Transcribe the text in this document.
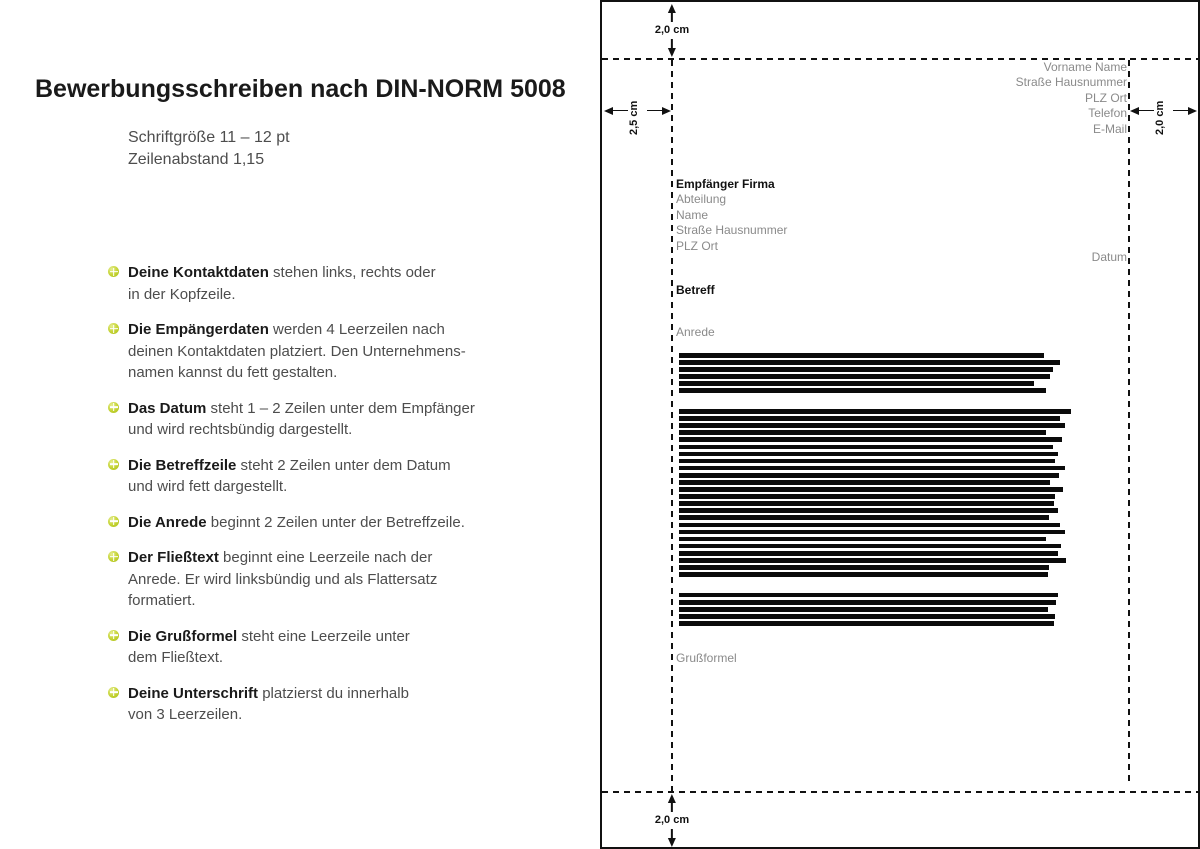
Bewerbungsschreiben nach DIN-NORM 5008
Schriftgröße 11 – 12 pt
Zeilenabstand 1,15

Deine Kontaktdaten stehen links, rechts oder
in der Kopfzeile.

Die Empängerdaten werden 4 Leerzeilen nach
deinen Kontaktdaten platziert. Den Unternehmens-
namen kannst du fett gestalten.

Das Datum steht 1 – 2 Zeilen unter dem Empfänger
und wird rechtsbündig dargestellt.

Die Betreffzeile steht 2 Zeilen unter dem Datum
und wird fett dargestellt.

Die Anrede beginnt 2 Zeilen unter der Betreffzeile.

Der Fließtext beginnt eine Leerzeile nach der
Anrede. Er wird linksbündig und als Flattersatz
formatiert.

Die Grußformel steht eine Leerzeile unter
dem Fließtext.

Deine Unterschrift platzierst du innerhalb
von 3 Leerzeilen.

2,0 cm
2,0 cm
2,5 cm	2,0 cm
Vorname Name
Straße Hausnummer
PLZ Ort
Telefon
E-Mail
Empfänger Firma
Abteilung
Name
Straße Hausnummer
PLZ Ort
Datum
Betreff
Anrede
Grußformel
